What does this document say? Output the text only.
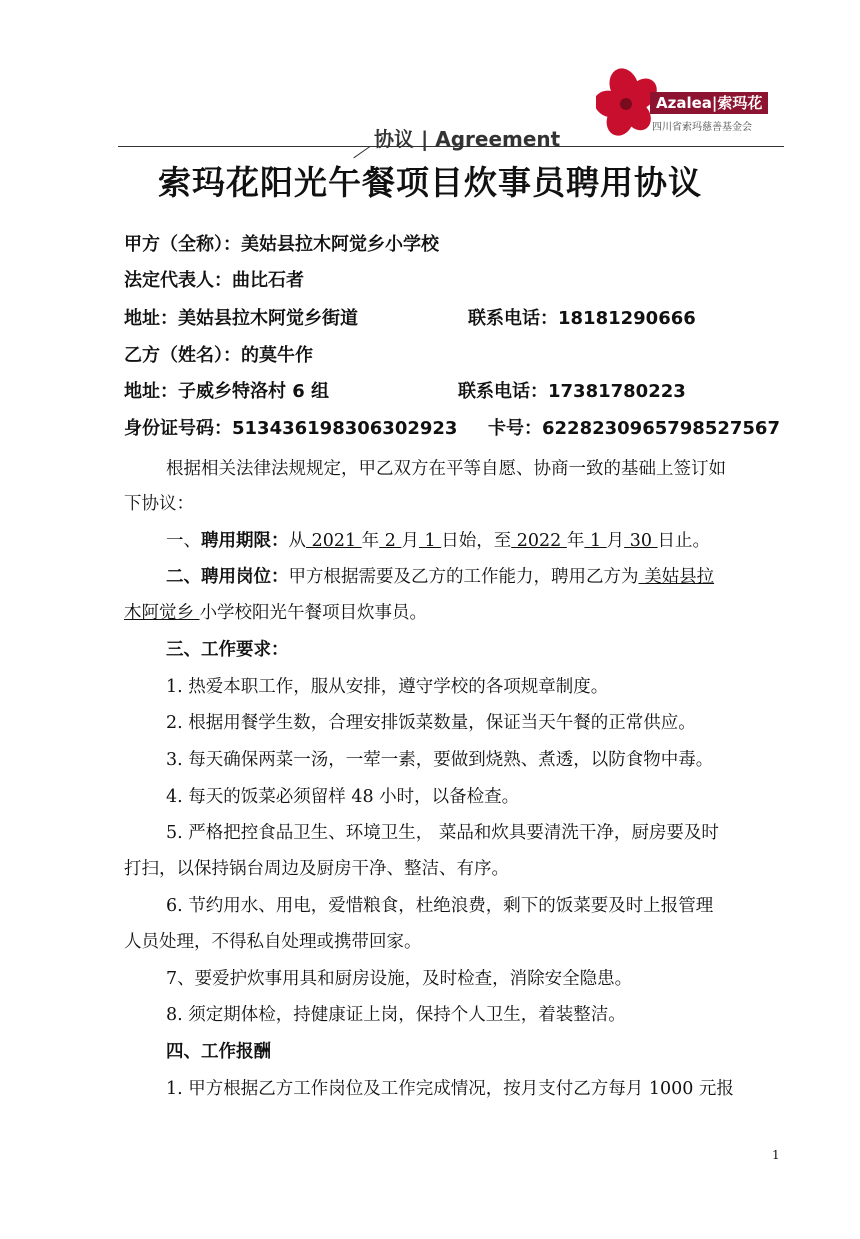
Azalea|索玛花
四川省索玛慈善基金会
协议 | Agreement
索玛花阳光午餐项目炊事员聘用协议
甲方（全称）：美姑县拉木阿觉乡小学校
法定代表人：曲比石者
地址：美姑县拉木阿觉乡街道	联系电话：18181290666
乙方（姓名）：的莫牛作
地址：子威乡特洛村 6 组	联系电话：17381780223
身份证号码：513436198306302923 卡号：6228230965798527567
根据相关法律法规规定，甲乙双方在平等自愿、协商一致的基础上签订如
下协议：
一、聘用期限：从 2021 年 2 月 1 日始，至 2022 年 1 月 30 日止。
二、聘用岗位：甲方根据需要及乙方的工作能力，聘用乙方为 美姑县拉
木阿觉乡 小学校阳光午餐项目炊事员。
三、工作要求：
1. 热爱本职工作，服从安排，遵守学校的各项规章制度。
2. 根据用餐学生数，合理安排饭菜数量，保证当天午餐的正常供应。
3. 每天确保两菜一汤，一荤一素，要做到烧熟、煮透，以防食物中毒。
4. 每天的饭菜必须留样 48 小时，以备检查。
5. 严格把控食品卫生、环境卫生， 菜品和炊具要清洗干净，厨房要及时
打扫，以保持锅台周边及厨房干净、整洁、有序。
6. 节约用水、用电，爱惜粮食，杜绝浪费，剩下的饭菜要及时上报管理
人员处理，不得私自处理或携带回家。
7、要爱护炊事用具和厨房设施，及时检查，消除安全隐患。
8. 须定期体检，持健康证上岗，保持个人卫生，着装整洁。
四、工作报酬
1. 甲方根据乙方工作岗位及工作完成情况，按月支付乙方每月 1000 元报
1
